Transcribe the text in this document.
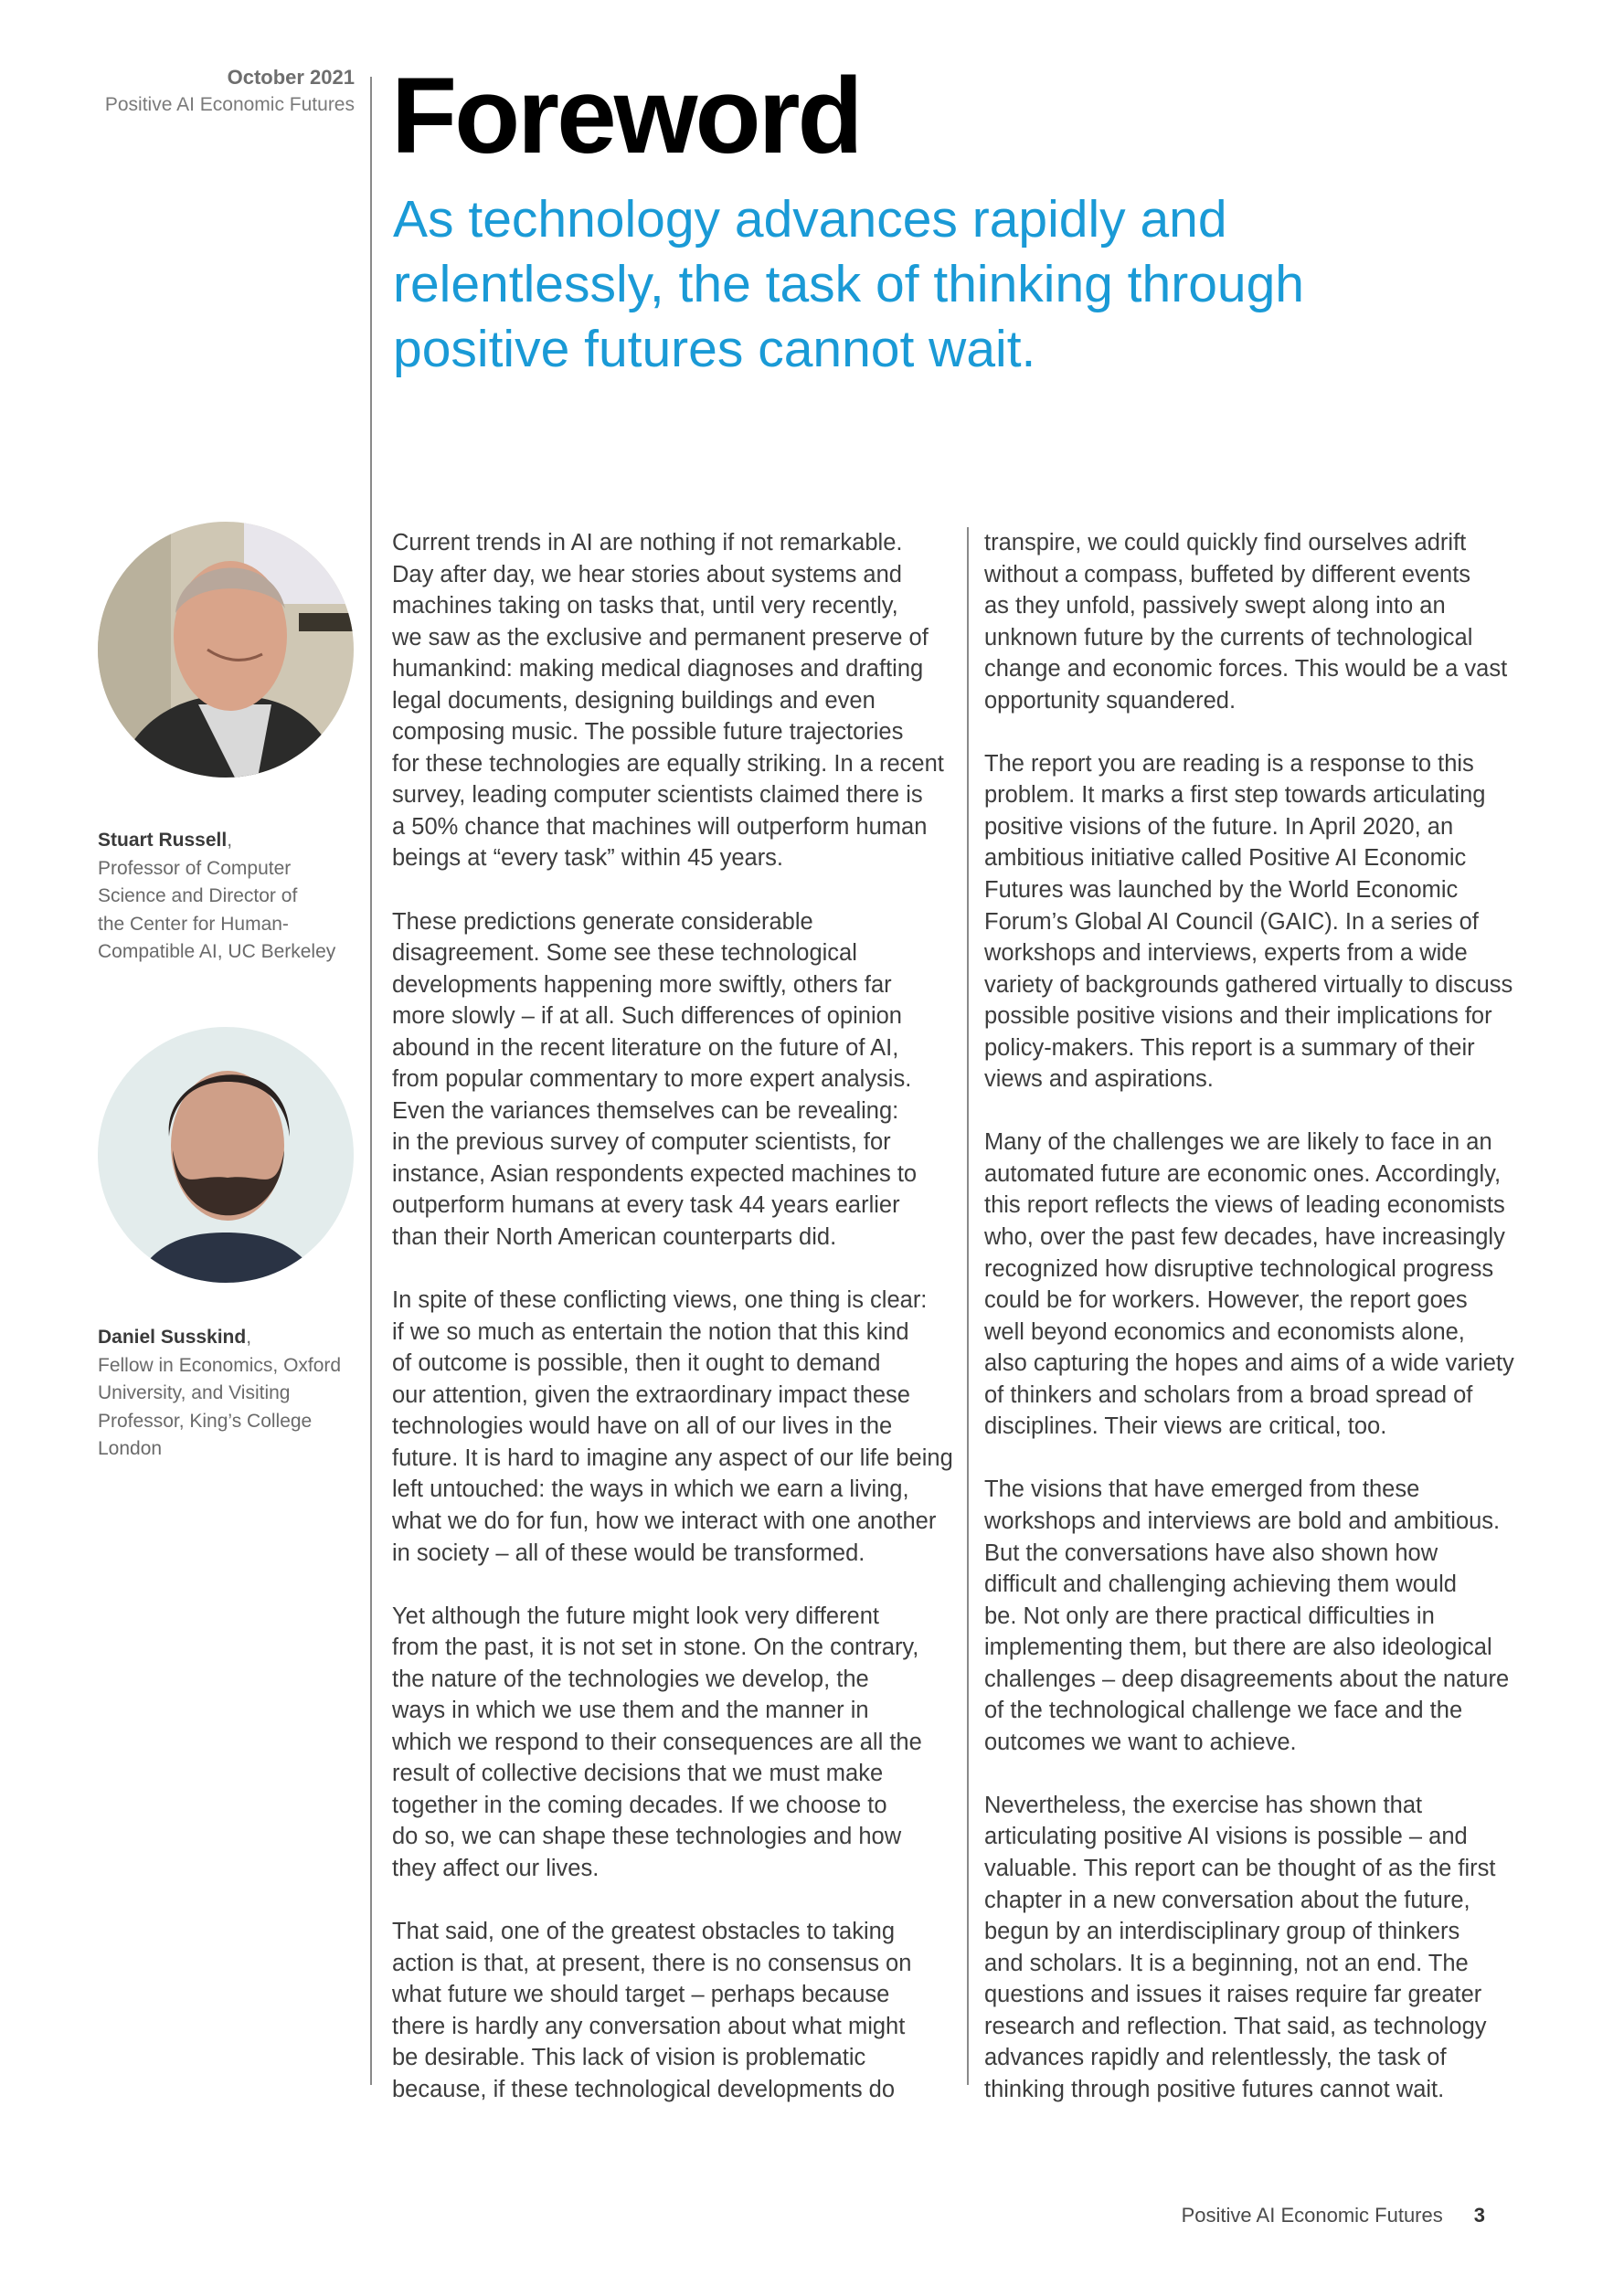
October 2021
Positive AI Economic Futures Foreword
As technology advances rapidly and
relentlessly, the task of thinking through
positive futures cannot wait.
Stuart Russell,
Professor of Computer
Science and Director of
the Center for Human-
Compatible AI, UC Berkeley
Daniel Susskind,
Fellow in Economics, Oxford
University, and Visiting
Professor, King’s College
London

Current trends in AI are nothing if not remarkable.
Day after day, we hear stories about systems and
machines taking on tasks that, until very recently,
we saw as the exclusive and permanent preserve of
humankind: making medical diagnoses and drafting
legal documents, designing buildings and even
composing music. The possible future trajectories
for these technologies are equally striking. In a recent
survey, leading computer scientists claimed there is
a 50% chance that machines will outperform human
beings at “every task” within 45 years.

These predictions generate considerable
disagreement. Some see these technological
developments happening more swiftly, others far
more slowly – if at all. Such differences of opinion
abound in the recent literature on the future of AI,
from popular commentary to more expert analysis.
Even the variances themselves can be revealing:
in the previous survey of computer scientists, for
instance, Asian respondents expected machines to
outperform humans at every task 44 years earlier
than their North American counterparts did.

In spite of these conflicting views, one thing is clear:
if we so much as entertain the notion that this kind
of outcome is possible, then it ought to demand
our attention, given the extraordinary impact these
technologies would have on all of our lives in the
future. It is hard to imagine any aspect of our life being
left untouched: the ways in which we earn a living,
what we do for fun, how we interact with one another
in society – all of these would be transformed.

Yet although the future might look very different
from the past, it is not set in stone. On the contrary,
the nature of the technologies we develop, the
ways in which we use them and the manner in
which we respond to their consequences are all the
result of collective decisions that we must make
together in the coming decades. If we choose to
do so, we can shape these technologies and how
they affect our lives.

That said, one of the greatest obstacles to taking
action is that, at present, there is no consensus on
what future we should target – perhaps because
there is hardly any conversation about what might
be desirable. This lack of vision is problematic
because, if these technological developments do

transpire, we could quickly find ourselves adrift
without a compass, buffeted by different events
as they unfold, passively swept along into an
unknown future by the currents of technological
change and economic forces. This would be a vast
opportunity squandered.

The report you are reading is a response to this
problem. It marks a first step towards articulating
positive visions of the future. In April 2020, an
ambitious initiative called Positive AI Economic
Futures was launched by the World Economic
Forum’s Global AI Council (GAIC). In a series of
workshops and interviews, experts from a wide
variety of backgrounds gathered virtually to discuss
possible positive visions and their implications for
policy-makers. This report is a summary of their
views and aspirations.

Many of the challenges we are likely to face in an
automated future are economic ones. Accordingly,
this report reflects the views of leading economists
who, over the past few decades, have increasingly
recognized how disruptive technological progress
could be for workers. However, the report goes
well beyond economics and economists alone,
also capturing the hopes and aims of a wide variety
of thinkers and scholars from a broad spread of
disciplines. Their views are critical, too.

The visions that have emerged from these
workshops and interviews are bold and ambitious.
But the conversations have also shown how
difficult and challenging achieving them would
be. Not only are there practical difficulties in
implementing them, but there are also ideological
challenges – deep disagreements about the nature
of the technological challenge we face and the
outcomes we want to achieve.

Nevertheless, the exercise has shown that
articulating positive AI visions is possible – and
valuable. This report can be thought of as the first
chapter in a new conversation about the future,
begun by an interdisciplinary group of thinkers
and scholars. It is a beginning, not an end. The
questions and issues it raises require far greater
research and reflection. That said, as technology
advances rapidly and relentlessly, the task of
thinking through positive futures cannot wait.

Positive AI Economic Futures 3
